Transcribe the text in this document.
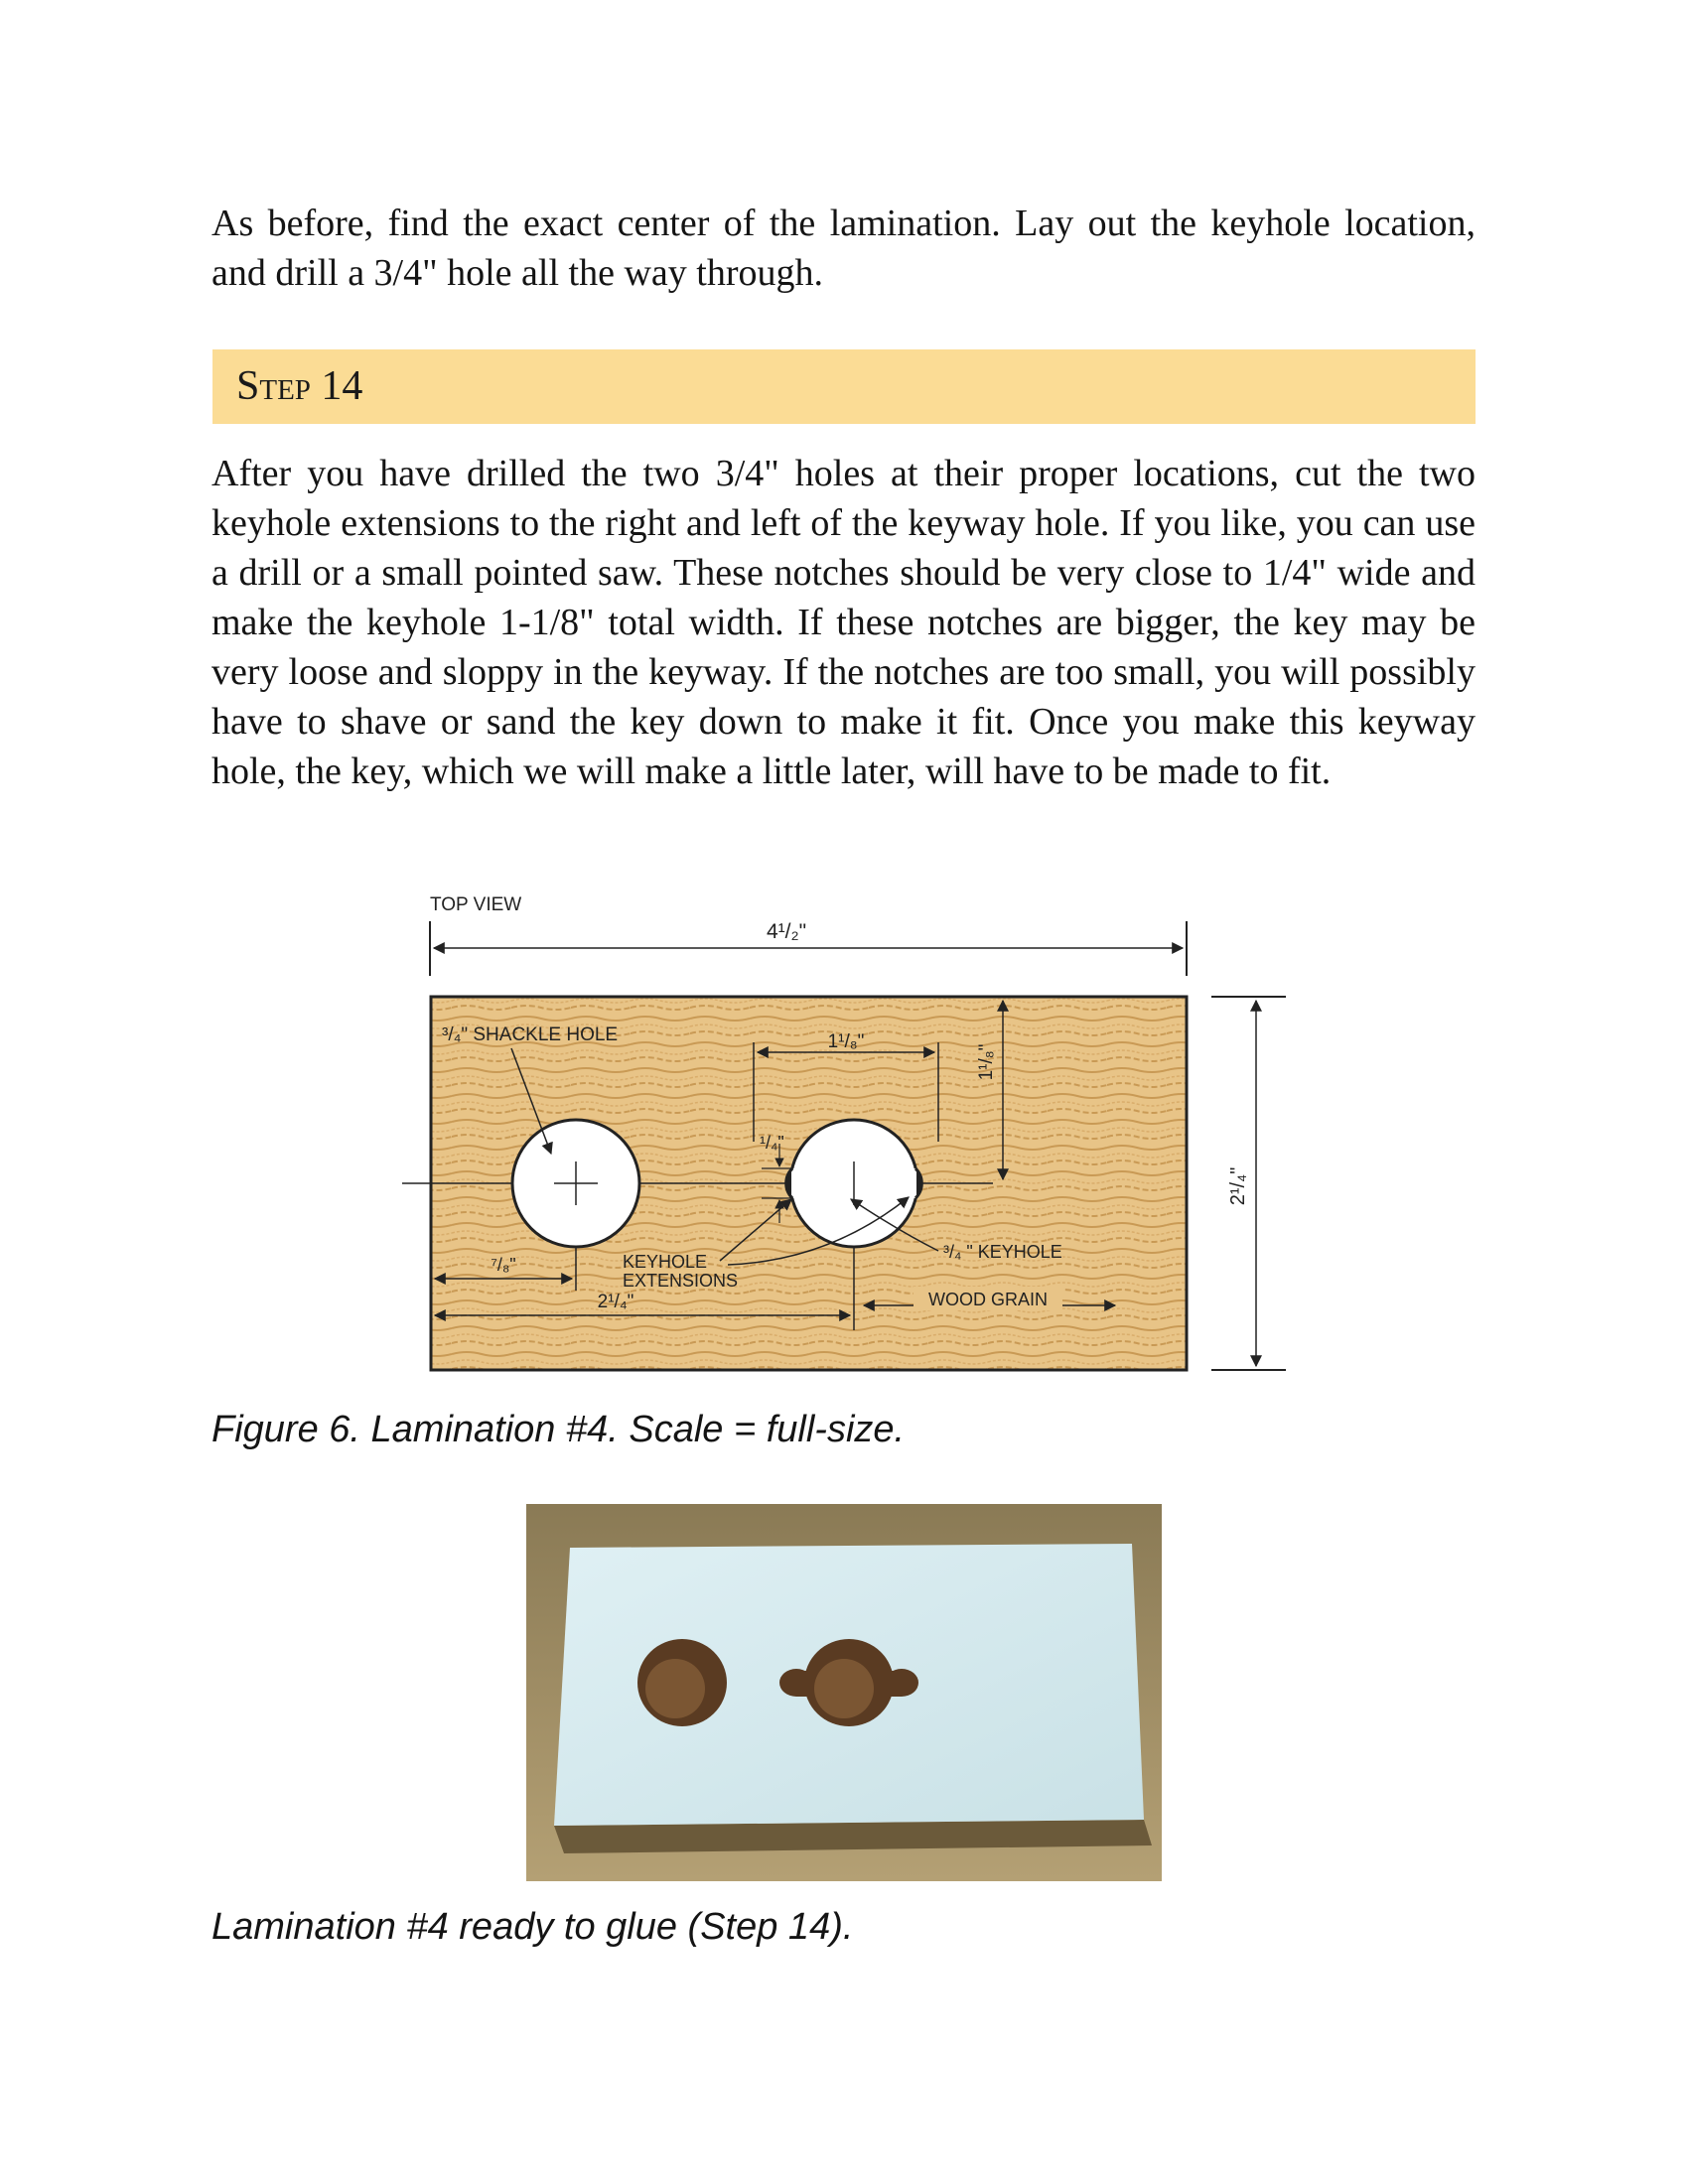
As before, find the exact center of the lamination. Lay out the keyhole location, and drill a 3/4" hole all the way through.

Step 14

After you have drilled the two 3/4" holes at their proper locations, cut the two keyhole extensions to the right and left of the keyway hole. If you like, you can use a drill or a small pointed saw. These notches should be very close to 1/4" wide and make the keyhole 1-1/8" total width. If these notches are bigger, the key may be very loose and sloppy in the keyway. If the notches are too small, you will possibly have to shave or sand the key down to make it fit. Once you make this keyway hole, the key, which we will make a little later, will have to be made to fit.

TOP VIEW
4¹/₂"
2¹/₄"
³/₄" SHACKLE HOLE	1¹/₈"
1¹/₈"
¹/₄"
⁷/₈"	KEYHOLE
EXTENSIONS
2¹/₄"
³/₄ " KEYHOLE
WOOD GRAIN
Figure 6. Lamination #4. Scale = full-size.
Lamination #4 ready to glue (Step 14).
